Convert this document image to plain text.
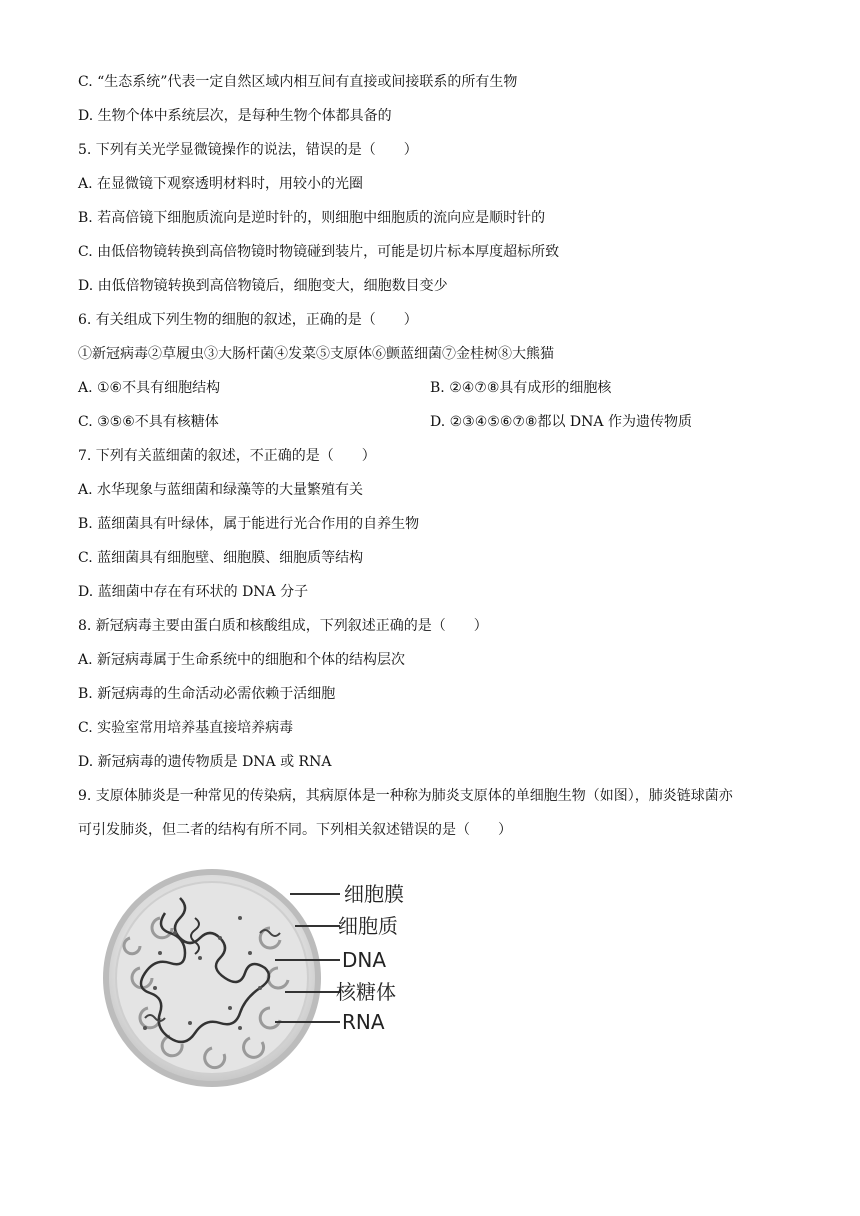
C. “生态系统”代表一定自然区域内相互间有直接或间接联系的所有生物
D. 生物个体中系统层次，是每种生物个体都具备的
5. 下列有关光学显微镜操作的说法，错误的是（　　）
A. 在显微镜下观察透明材料时，用较小的光圈
B. 若高倍镜下细胞质流向是逆时针的，则细胞中细胞质的流向应是顺时针的
C. 由低倍物镜转换到高倍物镜时物镜碰到装片，可能是切片标本厚度超标所致
D. 由低倍物镜转换到高倍物镜后，细胞变大，细胞数目变少
6. 有关组成下列生物的细胞的叙述，正确的是（　　）
①新冠病毒②草履虫③大肠杆菌④发菜⑤支原体⑥颤蓝细菌⑦金桂树⑧大熊猫
A. ①⑥不具有细胞结构	B. ②④⑦⑧具有成形的细胞核
C. ③⑤⑥不具有核糖体	D. ②③④⑤⑥⑦⑧都以 DNA 作为遗传物质
7. 下列有关蓝细菌的叙述，不正确的是（　　）
A. 水华现象与蓝细菌和绿藻等的大量繁殖有关
B. 蓝细菌具有叶绿体，属于能进行光合作用的自养生物
C. 蓝细菌具有细胞壁、细胞膜、细胞质等结构
D. 蓝细菌中存在有环状的 DNA 分子
8. 新冠病毒主要由蛋白质和核酸组成，下列叙述正确的是（　　）
A. 新冠病毒属于生命系统中的细胞和个体的结构层次
B. 新冠病毒的生命活动必需依赖于活细胞
C. 实验室常用培养基直接培养病毒
D. 新冠病毒的遗传物质是 DNA 或 RNA
9. 支原体肺炎是一种常见的传染病，其病原体是一种称为肺炎支原体的单细胞生物（如图），肺炎链球菌亦
可引发肺炎，但二者的结构有所不同。下列相关叙述错误的是（　　）
细胞膜
细胞质
DNA
核糖体
RNA
